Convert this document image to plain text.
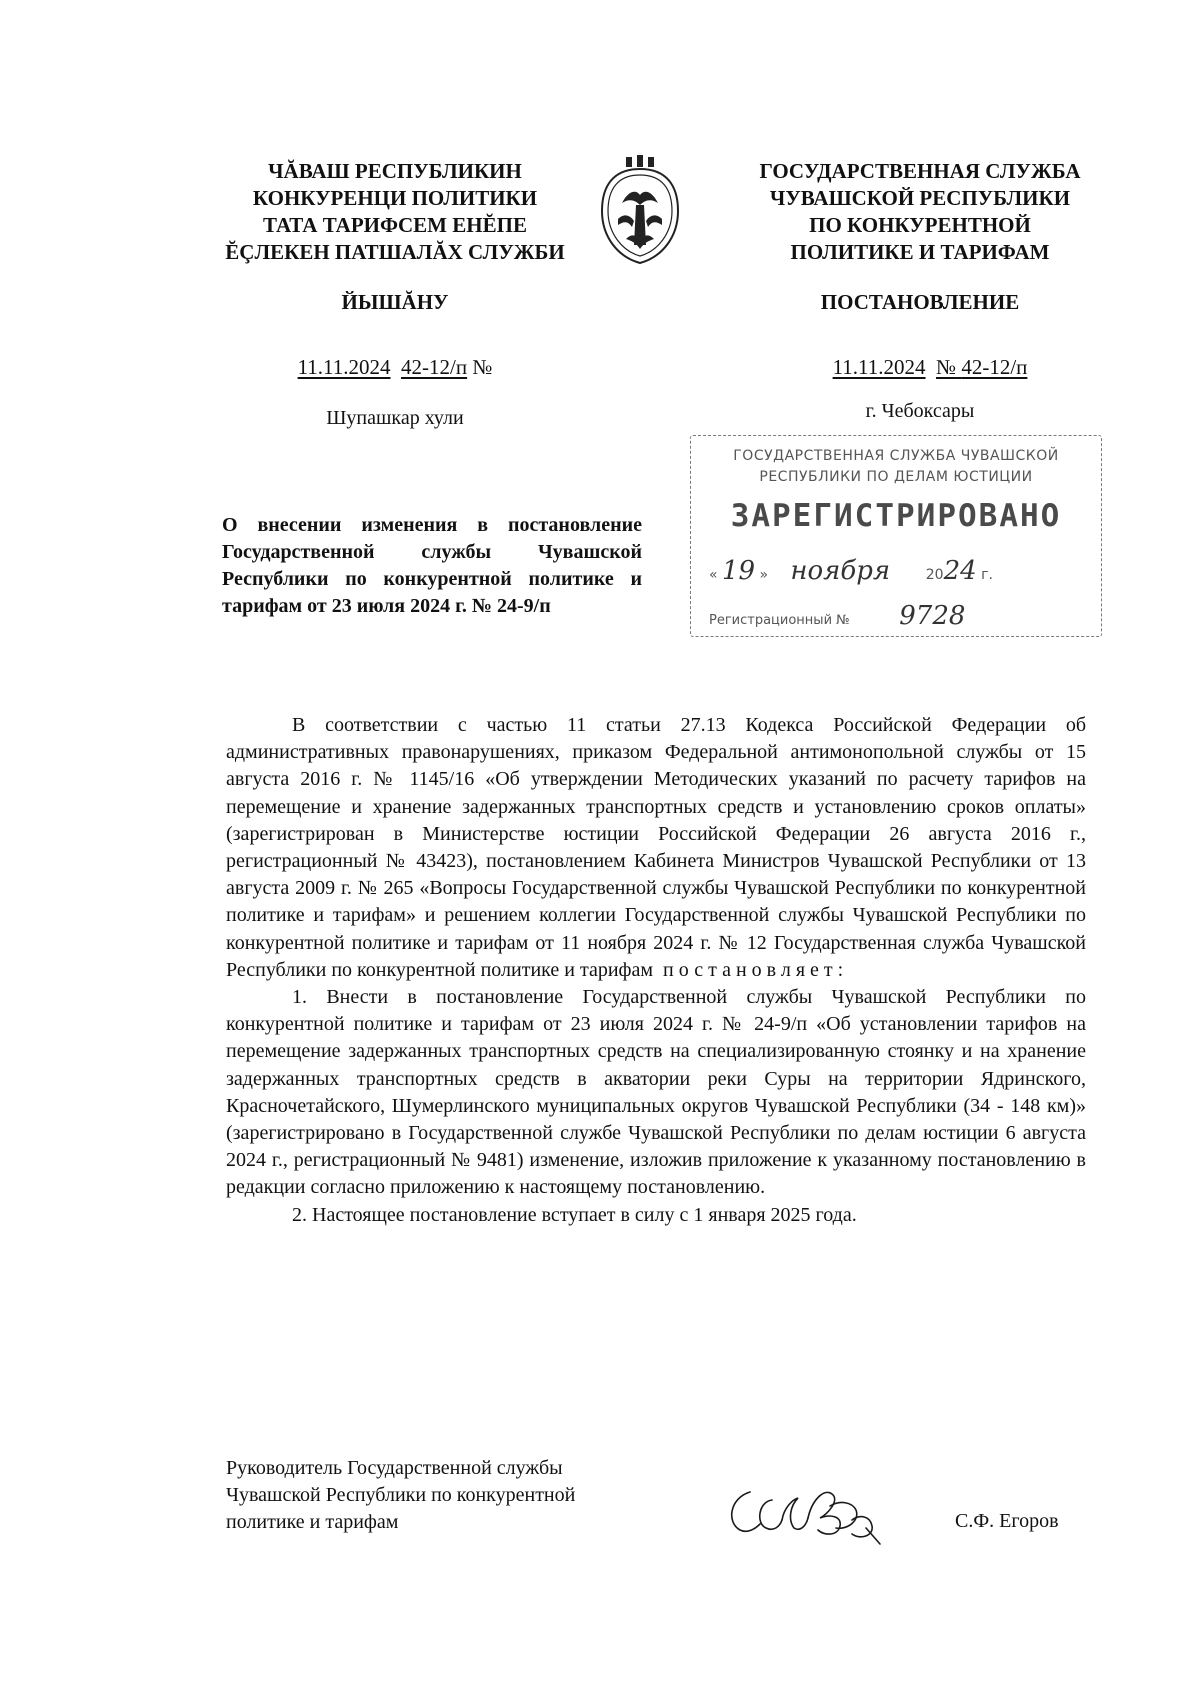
ЧĂВАШ РЕСПУБЛИКИН
КОНКУРЕНЦИ ПОЛИТИКИ
ТАТА ТАРИФСЕМ ЕНĔПЕ
ĔÇЛЕКЕН ПАТШАЛĂХ СЛУЖБИ
ГОСУДАРСТВЕННАЯ СЛУЖБА
ЧУВАШСКОЙ РЕСПУБЛИКИ
ПО КОНКУРЕНТНОЙ
ПОЛИТИКЕ И ТАРИФАМ
ЙЫШĂНУ	ПОСТАНОВЛЕНИЕ
11.11.2024 42-12/п №	11.11.2024 № 42-12/п
Шупашкар хули	г. Чебоксары
ГОСУДАРСТВЕННАЯ СЛУЖБА ЧУВАШСКОЙ
РЕСПУБЛИКИ ПО ДЕЛАМ ЮСТИЦИИ
ЗАРЕГИСТРИРОВАНО
« 19 »     ноября	2024 г.
Регистрационный № 9728
О внесении изменения в постановление Государственной службы Чувашской Республики по конкурентной политике и тарифам от 23 июля 2024 г. № 24-9/п

В соответствии с частью 11 статьи 27.13 Кодекса Российской Федерации об административных правонарушениях, приказом Федеральной антимонопольной службы от 15 августа 2016 г. № 1145/16 «Об утверждении Методических указаний по расчету тарифов на перемещение и хранение задержанных транспортных средств и установлению сроков оплаты» (зарегистрирован в Министерстве юстиции Российской Федерации 26 августа 2016 г., регистрационный № 43423), постановлением Кабинета Министров Чувашской Республики от 13 августа 2009 г. № 265 «Вопросы Государственной службы Чувашской Республики по конкурентной политике и тарифам» и решением коллегии Государственной службы Чувашской Республики по конкурентной политике и тарифам от 11 ноября 2024 г. № 12 Государственная служба Чувашской Республики по конкурентной политике и тарифам постановляет:

1. Внести в постановление Государственной службы Чувашской Республики по конкурентной политике и тарифам от 23 июля 2024 г. № 24-9/п «Об установлении тарифов на перемещение задержанных транспортных средств на специализированную стоянку и на хранение задержанных транспортных средств в акватории реки Суры на территории Ядринского, Красночетайского, Шумерлинского муниципальных округов Чувашской Республики (34 - 148 км)» (зарегистрировано в Государственной службе Чувашской Республики по делам юстиции 6 августа 2024 г., регистрационный № 9481) изменение, изложив приложение к указанному постановлению в редакции согласно приложению к настоящему постановлению.

2. Настоящее постановление вступает в силу с 1 января 2025 года.

Руководитель Государственной службы
Чувашской Республики по конкурентной
политике и тарифам	С.Ф. Егоров
